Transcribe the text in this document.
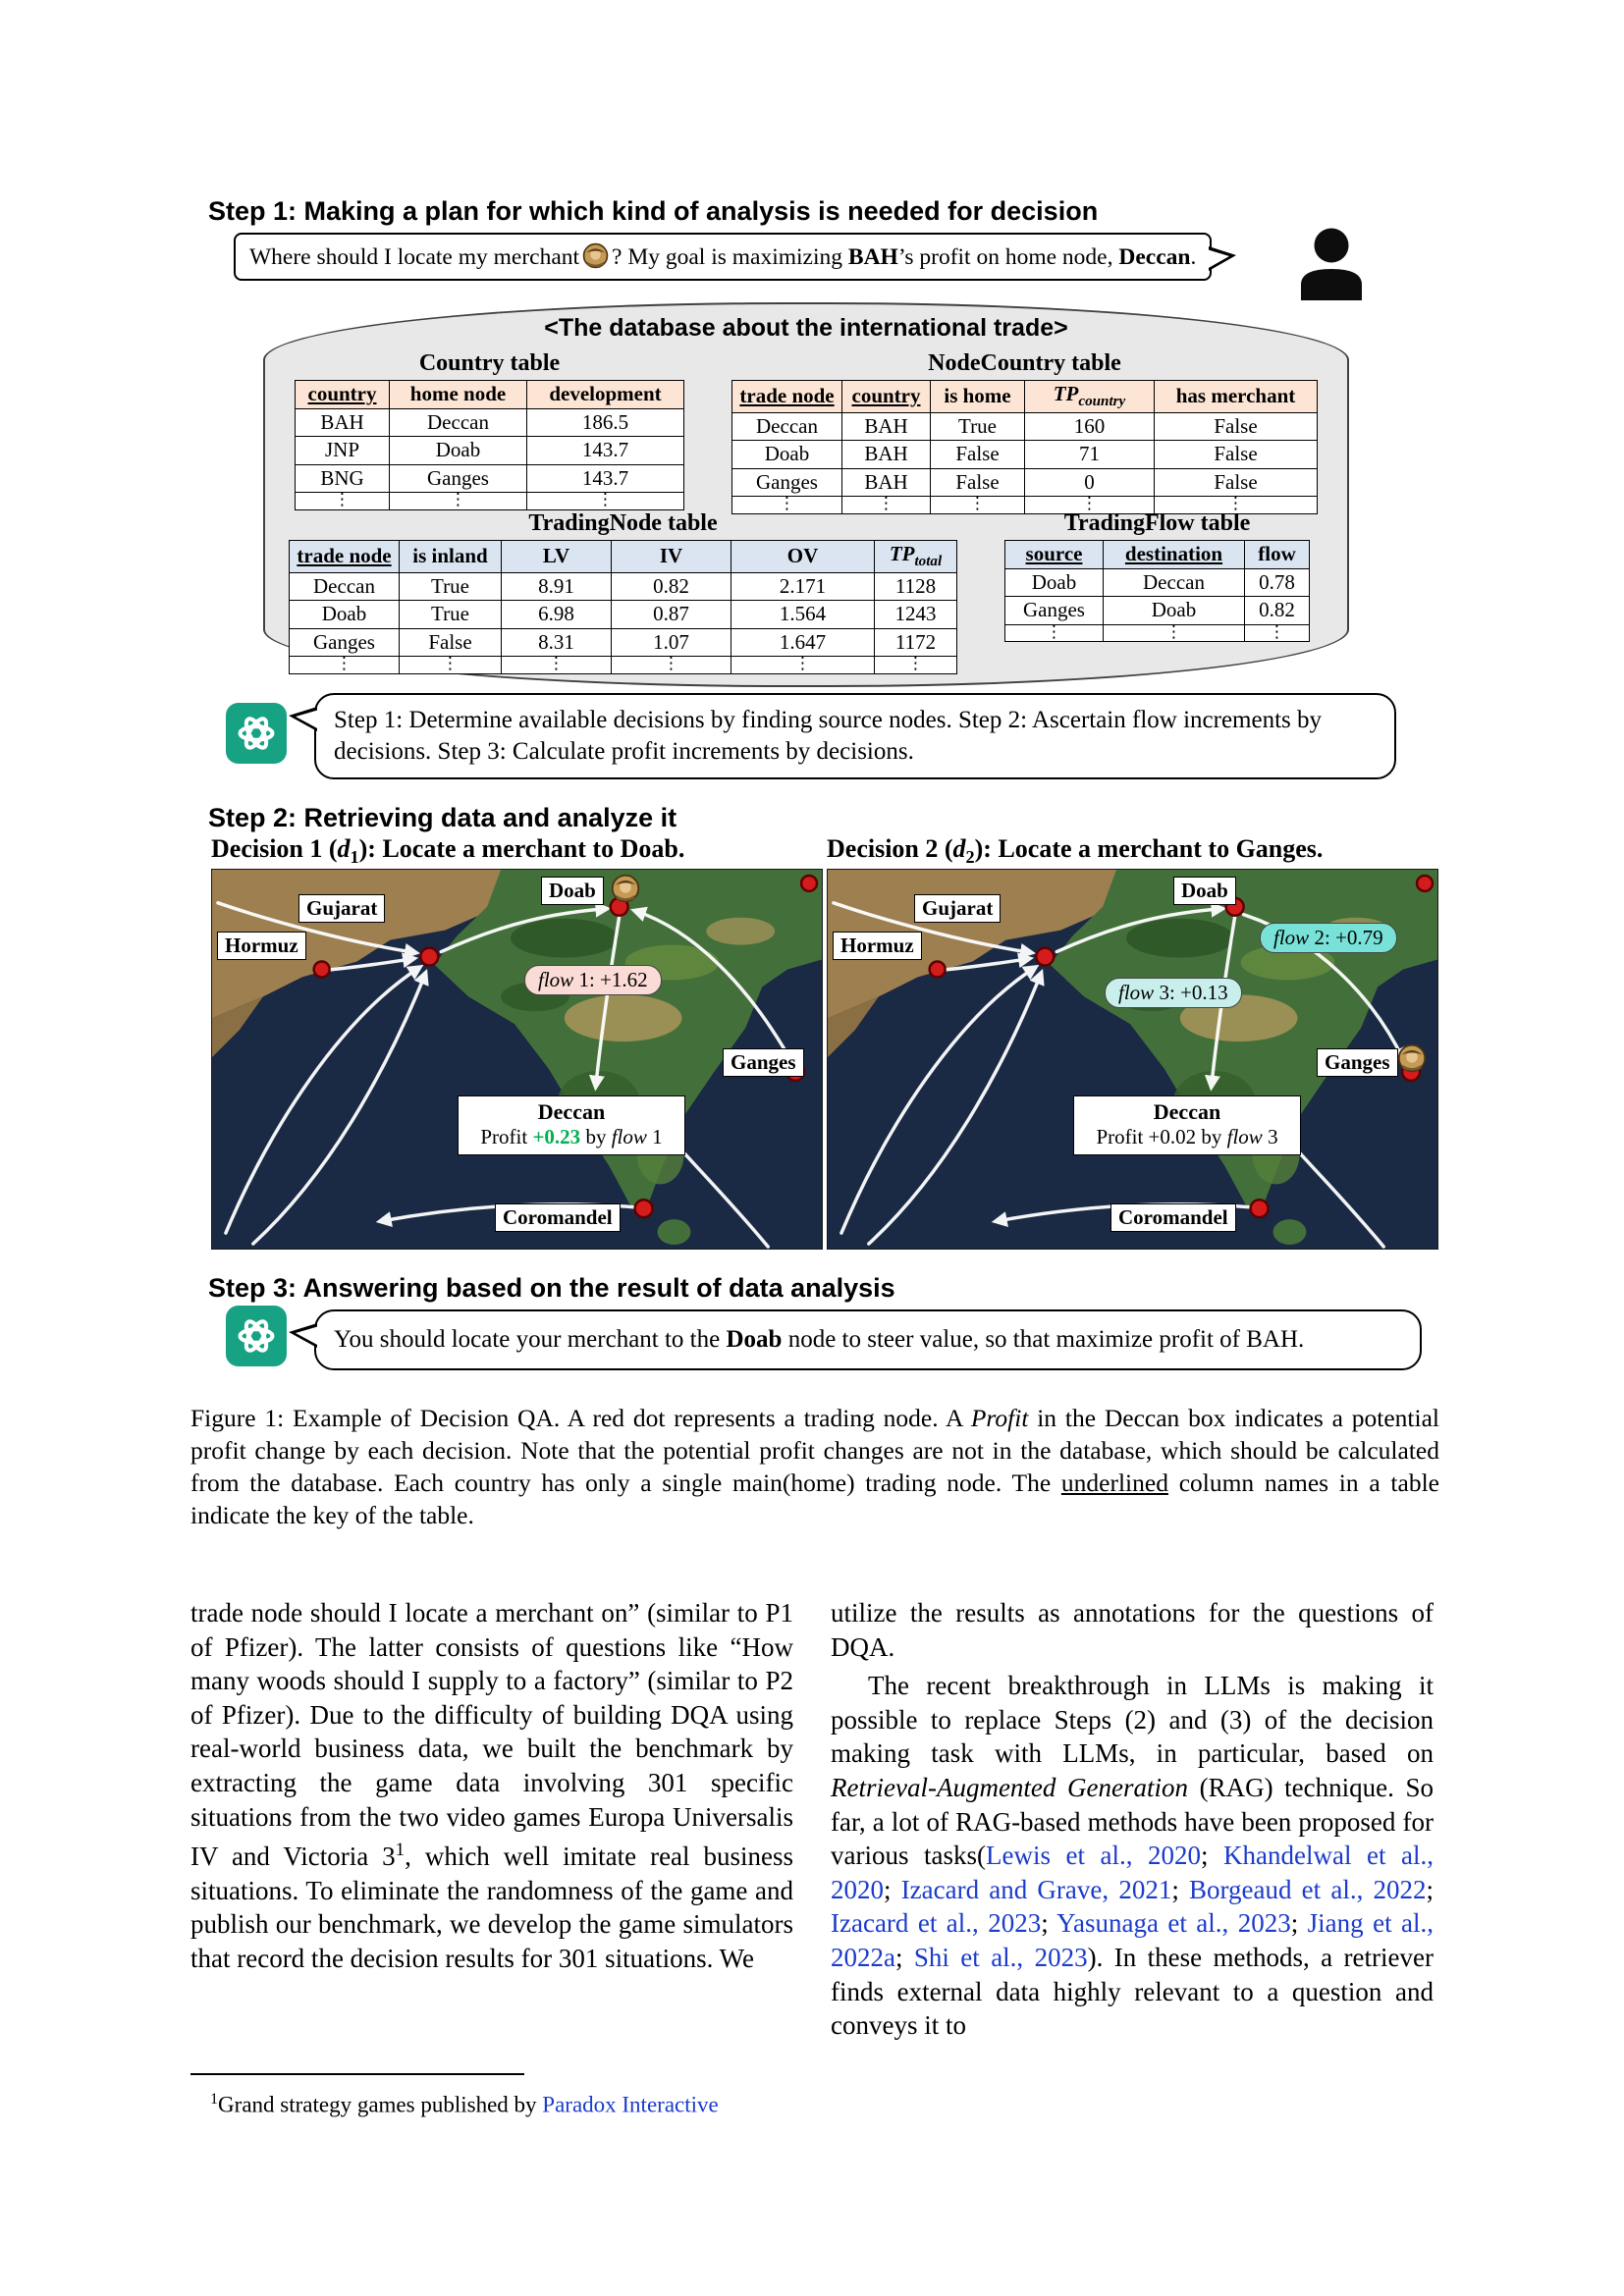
Step 1: Making a plan for which kind of analysis is needed for decision
Where should I locate my merchant ? My goal is maximizing BAH’s profit on home node, Deccan.
<The database about the international trade>
Country table
country	home node	development
BAH	Deccan	186.5
JNP	Doab	143.7
BNG	Ganges	143.7
⋮	⋮	⋮
NodeCountry table
trade node	country	is home	$TP_{country}$	has merchant
Deccan	BAH	True	160	False
Doab	BAH	False	71	False
Ganges	BAH	False	0	False
⋮	⋮	⋮	⋮	⋮
TradingNode table
trade node	is inland	LV	IV	OV	$TP_{total}$
Deccan	True	8.91	0.82	2.171	1128
Doab	True	6.98	0.87	1.564	1243
Ganges	False	8.31	1.07	1.647	1172
⋮	⋮	⋮	⋮	⋮	⋮
TradingFlow table
source	destination	flow
Doab	Deccan	0.78
Ganges	Doab	0.82
⋮	⋮	⋮
Step 1: Determine available decisions by finding source nodes. Step 2: Ascertain flow increments by decisions. Step 3: Calculate profit increments by decisions.
Step 2: Retrieving data and analyze it
Decision 1 $(d_1)$: Locate a merchant to Doab.	Decision 2 $(d_2)$: Locate a merchant to Ganges.
Hormuz
Gujarat
Doab
flow 1: +1.62
Ganges
Deccan
Profit +0.23 by flow 1
Coromandel
Hormuz
Gujarat
Doab
flow 2: +0.79
flow 3: +0.13
Ganges
Deccan
Profit +0.02 by flow 3
Coromandel
Step 3: Answering based on the result of data analysis
You should locate your merchant to the Doab node to steer value, so that maximize profit of BAH.
Figure 1: Example of Decision QA. A red dot represents a trading node. A Profit in the Deccan box indicates a potential profit change by each decision. Note that the potential profit changes are not in the database, which should be calculated from the database. Each country has only a single main(home) trading node. The underlined column names in a table indicate the key of the table.

trade node should I locate a merchant on” (similar to P1 of Pfizer). The latter consists of questions like “How many woods should I supply to a factory” (similar to P2 of Pfizer). Due to the difficulty of building DQA using real-world business data, we built the benchmark by extracting the game data involving 301 specific situations from the two video games Europa Universalis IV and Victoria $3^1$, which well imitate real business situations. To eliminate the randomness of the game and publish our benchmark, we develop the game simulators that record the decision results for 301 situations. We

utilize the results as annotations for the questions of DQA.

The recent breakthrough in LLMs is making it possible to replace Steps (2) and (3) of the decision making task with LLMs, in particular, based on Retrieval-Augmented Generation (RAG) technique. So far, a lot of RAG-based methods have been proposed for various tasks(Lewis et al., 2020; Khandelwal et al., 2020; Izacard and Grave, 2021; Borgeaud et al., 2022; Izacard et al., 2023; Yasunaga et al., 2023; Jiang et al., 2022a; Shi et al., 2023). In these methods, a retriever finds external data highly relevant to a question and conveys it to

$^1$Grand strategy games published by Paradox Interactive
